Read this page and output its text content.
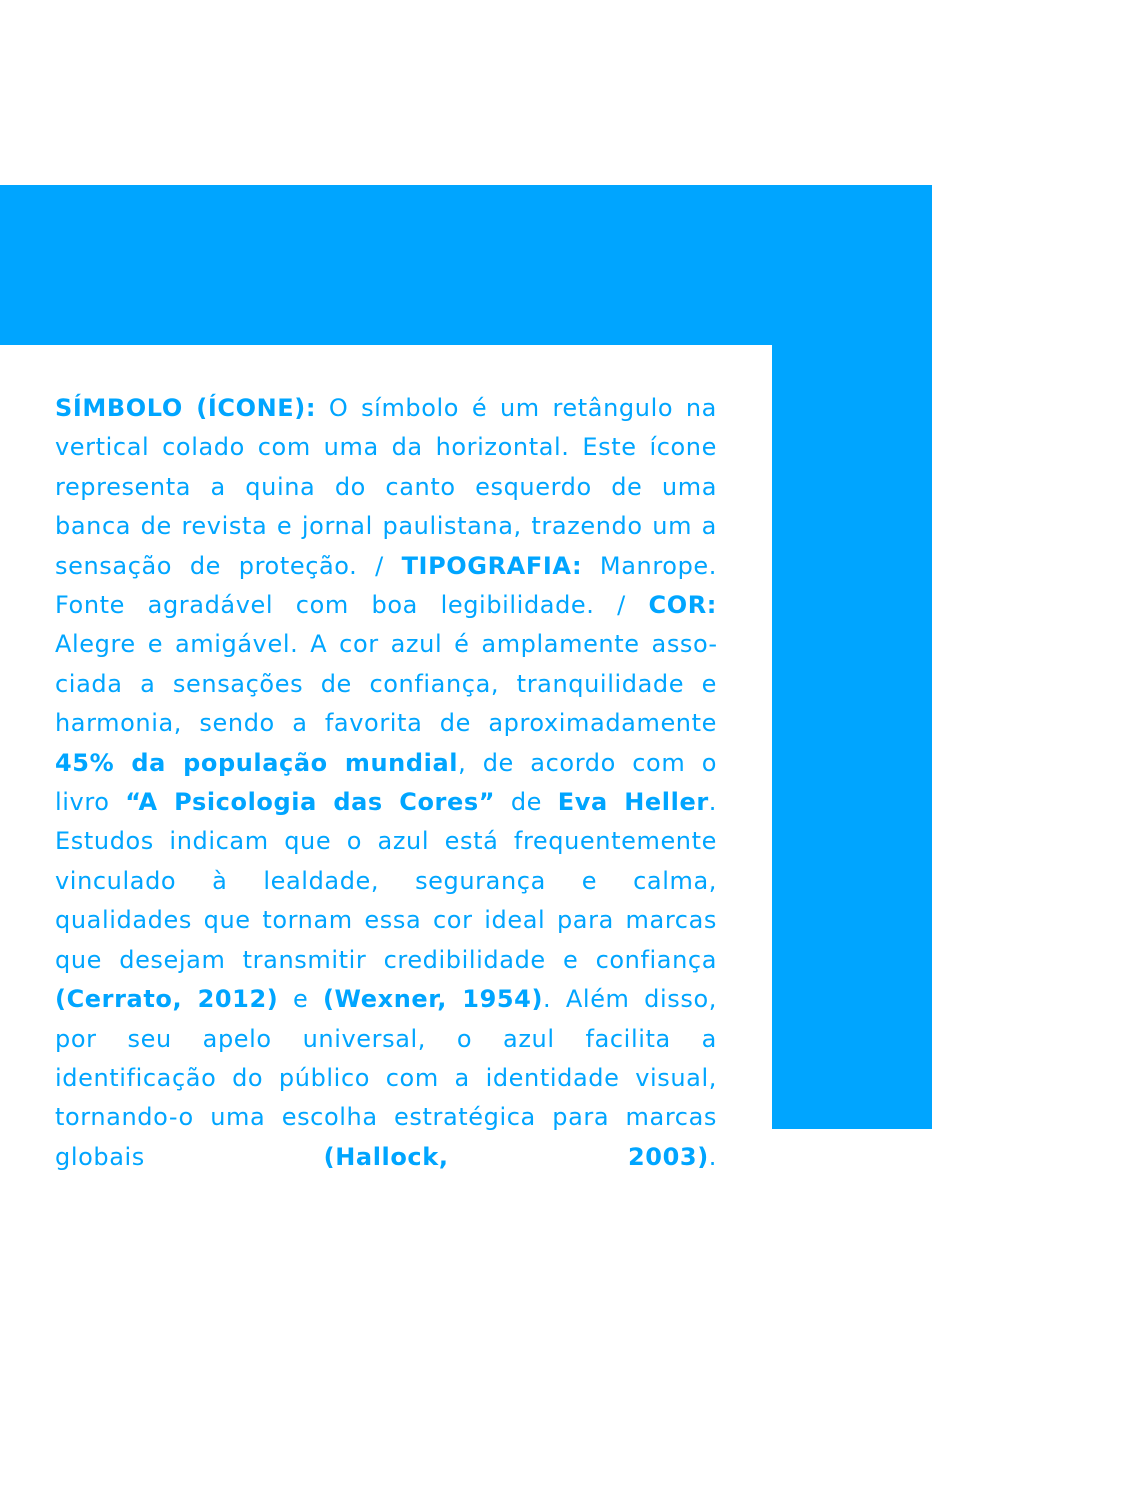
SÍMBOLO (ÍCONE): O símbolo é um retângulo na vertical colado com uma da horizontal. Este ícone representa a quina do canto esquerdo de uma banca de revista e jornal paulistana, trazendo um a sensação de proteção. / TIPOGRAFIA: Manrope. Fonte agradável com boa legibilidade. / COR: Alegre e amigável. A cor azul é amplamente associada a sensações de confiança, tranquilidade e harmonia, sendo a favorita de aproximadamente 45% da população mundial, de acordo com o livro “A Psicologia das Cores” de Eva Heller. Estudos indicam que o azul está frequentemente vinculado à lealdade, segurança e calma, qualidades que tornam essa cor ideal para marcas que desejam transmitir credibilidade e confiança (Cerrato, 2012) e (Wexner, 1954). Além disso, por seu apelo universal, o azul facilita a identificação do público com a identidade visual, tornando-o uma escolha estratégica para marcas globais (Hallock, 2003).
